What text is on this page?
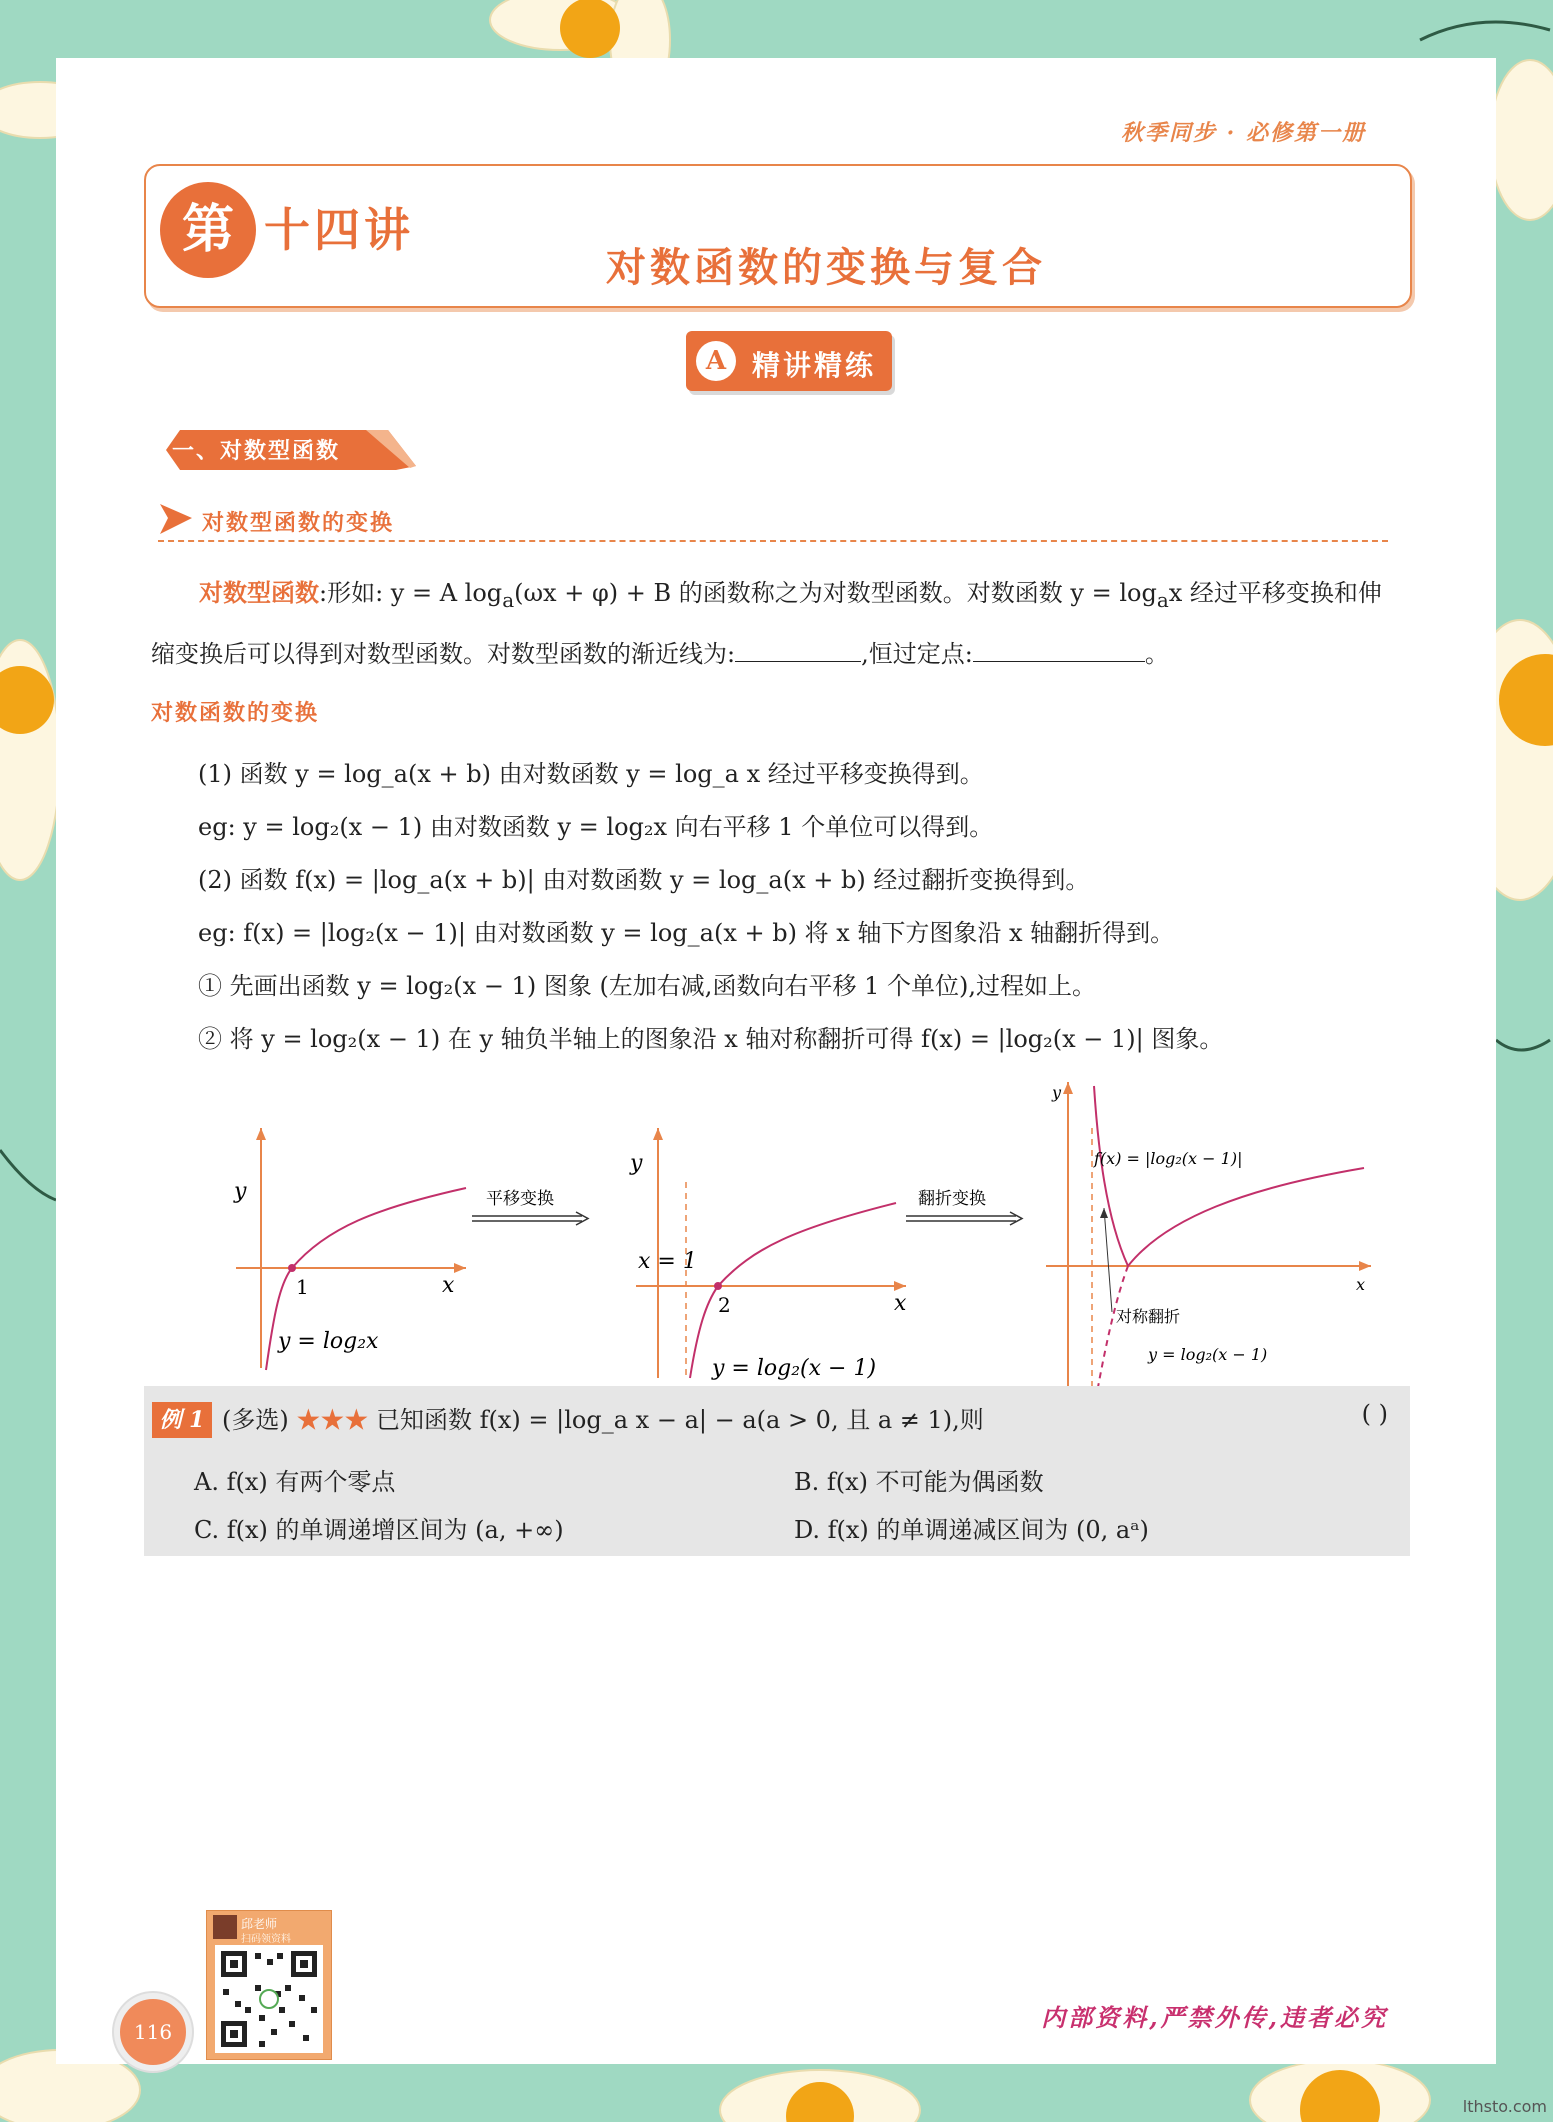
秋季同步 · 必修第一册
第 十四讲
对数函数的变换与复合
A 精讲精练
一、对数型函数
对数型函数的变换
对数型函数:形如: y = A $\log_a(\omega x + \varphi) + B$ 的函数称之为对数型函数。对数函数 $y = \log_ax$ 经过平移变换和伸缩变换后可以得到对数型函数。对数型函数的渐近线为:	,恒过定点:	。
对数函数的变换
(1) 函数 y = log_a(x + b) 由对数函数 y = log_a x 经过平移变换得到。
eg: y = log₂(x − 1) 由对数函数 y = log₂x 向右平移 1 个单位可以得到。
(2) 函数 f(x) = |log_a(x + b)| 由对数函数 y = log_a(x + b) 经过翻折变换得到。
eg: f(x) = |log₂(x − 1)| 由对数函数 y = log_a(x + b) 将 x 轴下方图象沿 x 轴翻折得到。
① 先画出函数 y = log₂(x − 1) 图象 (左加右减,函数向右平移 1 个单位),过程如上。
② 将 y = log₂(x − 1) 在 y 轴负半轴上的图象沿 x 轴对称翻折可得 f(x) = |log₂(x − 1)| 图象。
y
x
1
y = log₂x
平移变换
y
x
2
x = 1
y = log₂(x − 1)
翻折变换
y
x
f(x) = |log₂(x − 1)|
对称翻折
y = log₂(x − 1)
例 1 (多选) ★★★ 已知函数 f(x) = |log_a x − a| − a(a > 0, 且 a ≠ 1),则	( )
A. f(x) 有两个零点	B. f(x) 不可能为偶函数
C. f(x) 的单调递增区间为 (a, +∞)	D. f(x) 的单调递减区间为 (0, aᵃ)
邱老师
扫码领资料
116	内部资料,严禁外传,违者必究
lthsto.com
